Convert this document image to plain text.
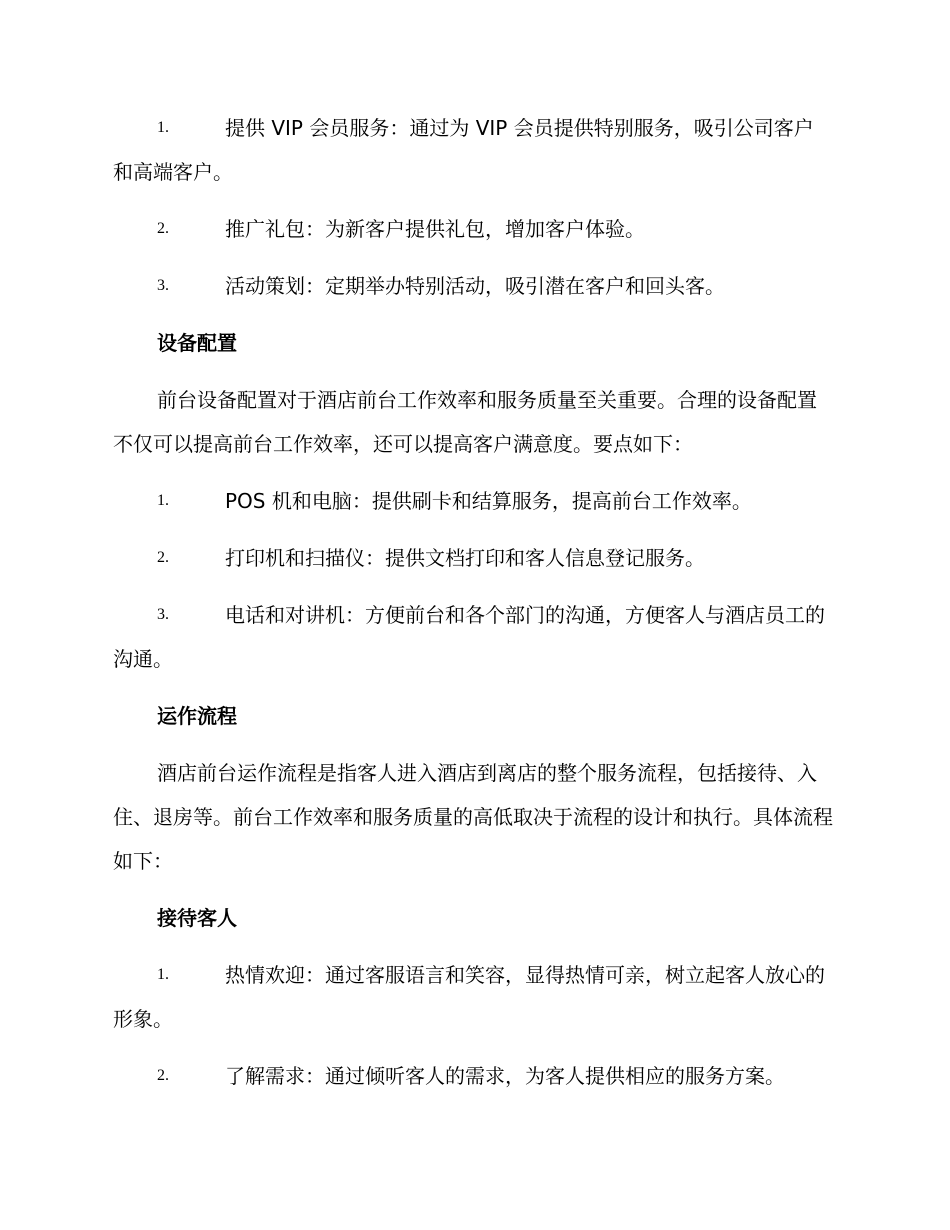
1.	提供 VIP 会员服务：通过为 VIP 会员提供特别服务，吸引公司客户和高端客户。

2.	推广礼包：为新客户提供礼包，增加客户体验。

3.	活动策划：定期举办特别活动，吸引潜在客户和回头客。

设备配置

前台设备配置对于酒店前台工作效率和服务质量至关重要。合理的设备配置不仅可以提高前台工作效率，还可以提高客户满意度。要点如下：

1.	POS 机和电脑：提供刷卡和结算服务，提高前台工作效率。

2.	打印机和扫描仪：提供文档打印和客人信息登记服务。

3.	电话和对讲机：方便前台和各个部门的沟通，方便客人与酒店员工的沟通。

运作流程

酒店前台运作流程是指客人进入酒店到离店的整个服务流程，包括接待、入住、退房等。前台工作效率和服务质量的高低取决于流程的设计和执行。具体流程如下：

接待客人

1.	热情欢迎：通过客服语言和笑容，显得热情可亲，树立起客人放心的形象。

2.	了解需求：通过倾听客人的需求，为客人提供相应的服务方案。
